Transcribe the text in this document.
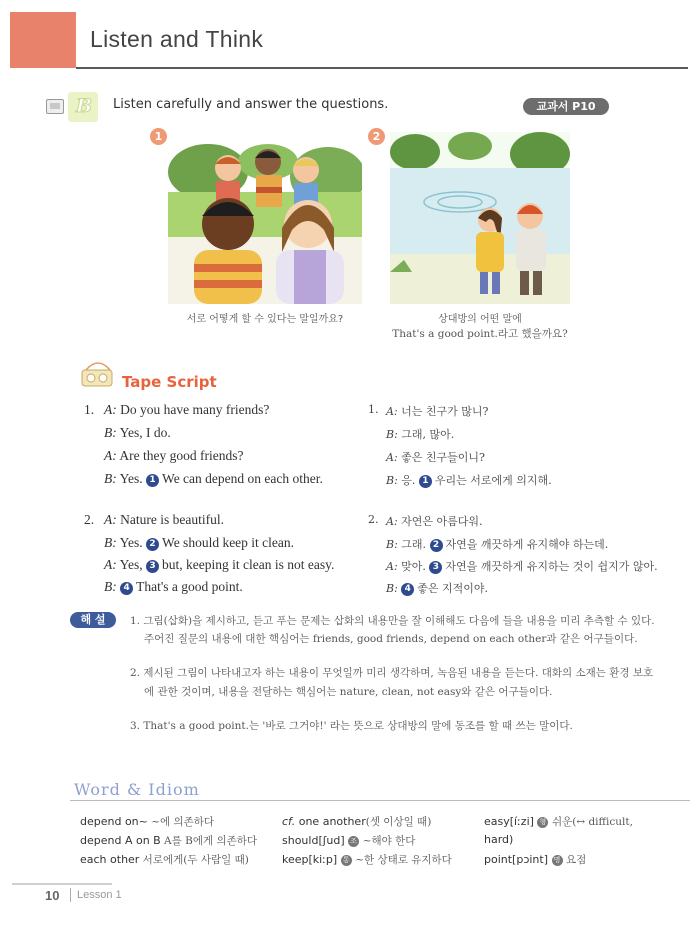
Listen and Think
B Listen carefully and answer the questions.	교과서 P10
1
서로 어떻게 할 수 있다는 말일까요?
2
상대방의 어떤 말에
That's a good point.라고 했을까요?
Tape Script
1. A: Do you have many friends?
B: Yes, I do.
A: Are they good friends?
B: Yes. 1 We can depend on each other.
2. A: Nature is beautiful.
B: Yes. 2 We should keep it clean.
A: Yes, 3 but, keeping it clean is not easy.
B: 4 That's a good point.
1. A: 너는 친구가 많니?
B: 그래, 많아.
A: 좋은 친구들이니?
B: 응. 1 우리는 서로에게 의지해.
2. A: 자연은 아름다워.
B: 그래. 2 자연을 깨끗하게 유지해야 하는데.
A: 맞아. 3 자연을 깨끗하게 유지하는 것이 쉽지가 않아.
B: 4 좋은 지적이야.
해 설	1. 그림(삽화)을 제시하고, 듣고 푸는 문제는 삽화의 내용만을 잘 이해해도 다음에 들을 내용을 미리 추측할 수 있다.
주어진 질문의 내용에 대한 핵심어는 friends, good friends, depend on each other과 같은 어구들이다.
2. 제시된 그림이 나타내고자 하는 내용이 무엇일까 미리 생각하며, 녹음된 내용을 듣는다. 대화의 소재는 환경 보호
에 관한 것이며, 내용을 전달하는 핵심어는 nature, clean, not easy와 같은 어구들이다.
3. That's a good point.는 '바로 그거야!' 라는 뜻으로 상대방의 말에 동조를 할 때 쓰는 말이다.
Word & Idiom
depend on~ ~에 의존하다
depend A on B A를 B에게 의존하다
each other 서로에게(두 사람일 때)
cf. one another(셋 이상일 때)
should[ʃud] 조 ~해야 한다
keep[kiːp] 통 ~한 상태로 유지하다
easy[íːzi] 형 쉬운(↔ difficult,
hard)
point[pɔint] 명 요점
10 Lesson 1
